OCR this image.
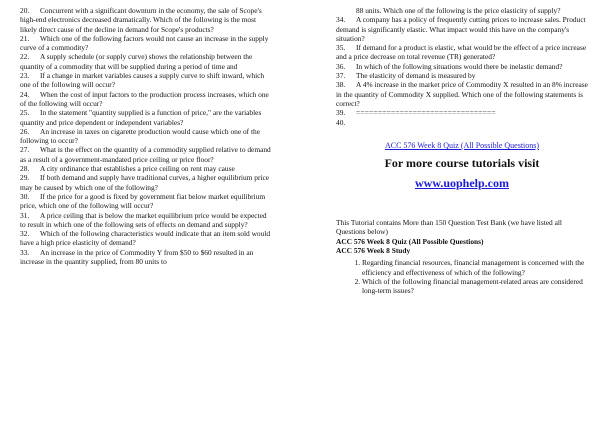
20. Concurrent with a significant downturn in the economy, the sale of Scope's high-end electronics decreased dramatically. Which of the following is the most likely direct cause of the decline in demand for Scope's products?

21. Which one of the following factors would not cause an increase in the supply curve of a commodity?

22. A supply schedule (or supply curve) shows the relationship between the quantity of a commodity that will be supplied during a period of time and

23. If a change in market variables causes a supply curve to shift inward, which one of the following will occur?

24. When the cost of input factors to the production process increases, which one of the following will occur?

25. In the statement "quantity supplied is a function of price," are the variables quantity and price dependent or independent variables?

26. An increase in taxes on cigarette production would cause which one of the following to occur?

27. What is the effect on the quantity of a commodity supplied relative to demand as a result of a government-mandated price ceiling or price floor?

28. A city ordinance that establishes a price ceiling on rent may cause

29. If both demand and supply have traditional curves, a higher equilibrium price may be caused by which one of the following?

30. If the price for a good is fixed by government fiat below market equilibrium price, which one of the following will occur?

31. A price ceiling that is below the market equilibrium price would be expected to result in which one of the following sets of effects on demand and supply?

32. Which of the following characteristics would indicate that an item sold would have a high price elasticity of demand?

33. An increase in the price of Commodity Y from $50 to $60 resulted in an increase in the quantity supplied, from 80 units to

88 units. Which one of the following is the price elasticity of supply?

34. A company has a policy of frequently cutting prices to increase sales. Product demand is significantly elastic. What impact would this have on the company's situation?

35. If demand for a product is elastic, what would be the effect of a price increase and a price decrease on total revenue (TR) generated?

36. In which of the following situations would there be inelastic demand?

37. The elasticity of demand is measured by

38. A 4% increase in the market price of Commodity X resulted in an 8% increase in the quantity of Commodity X supplied. Which one of the following statements is correct?

39. ================================

40.

ACC 576 Week 8 Quiz (All Possible Questions)
For more course tutorials visit
www.uophelp.com

This Tutorial contains More than 150 Question Test Bank (we have listed all Questions below)

ACC 576 Week 8 Quiz (All Possible Questions)
ACC 576 Week 8 Study
1. Regarding financial resources, financial management is concerned with the efficiency and effectiveness of which of the following?
2. Which of the following financial management-related areas are considered long-term issues?
